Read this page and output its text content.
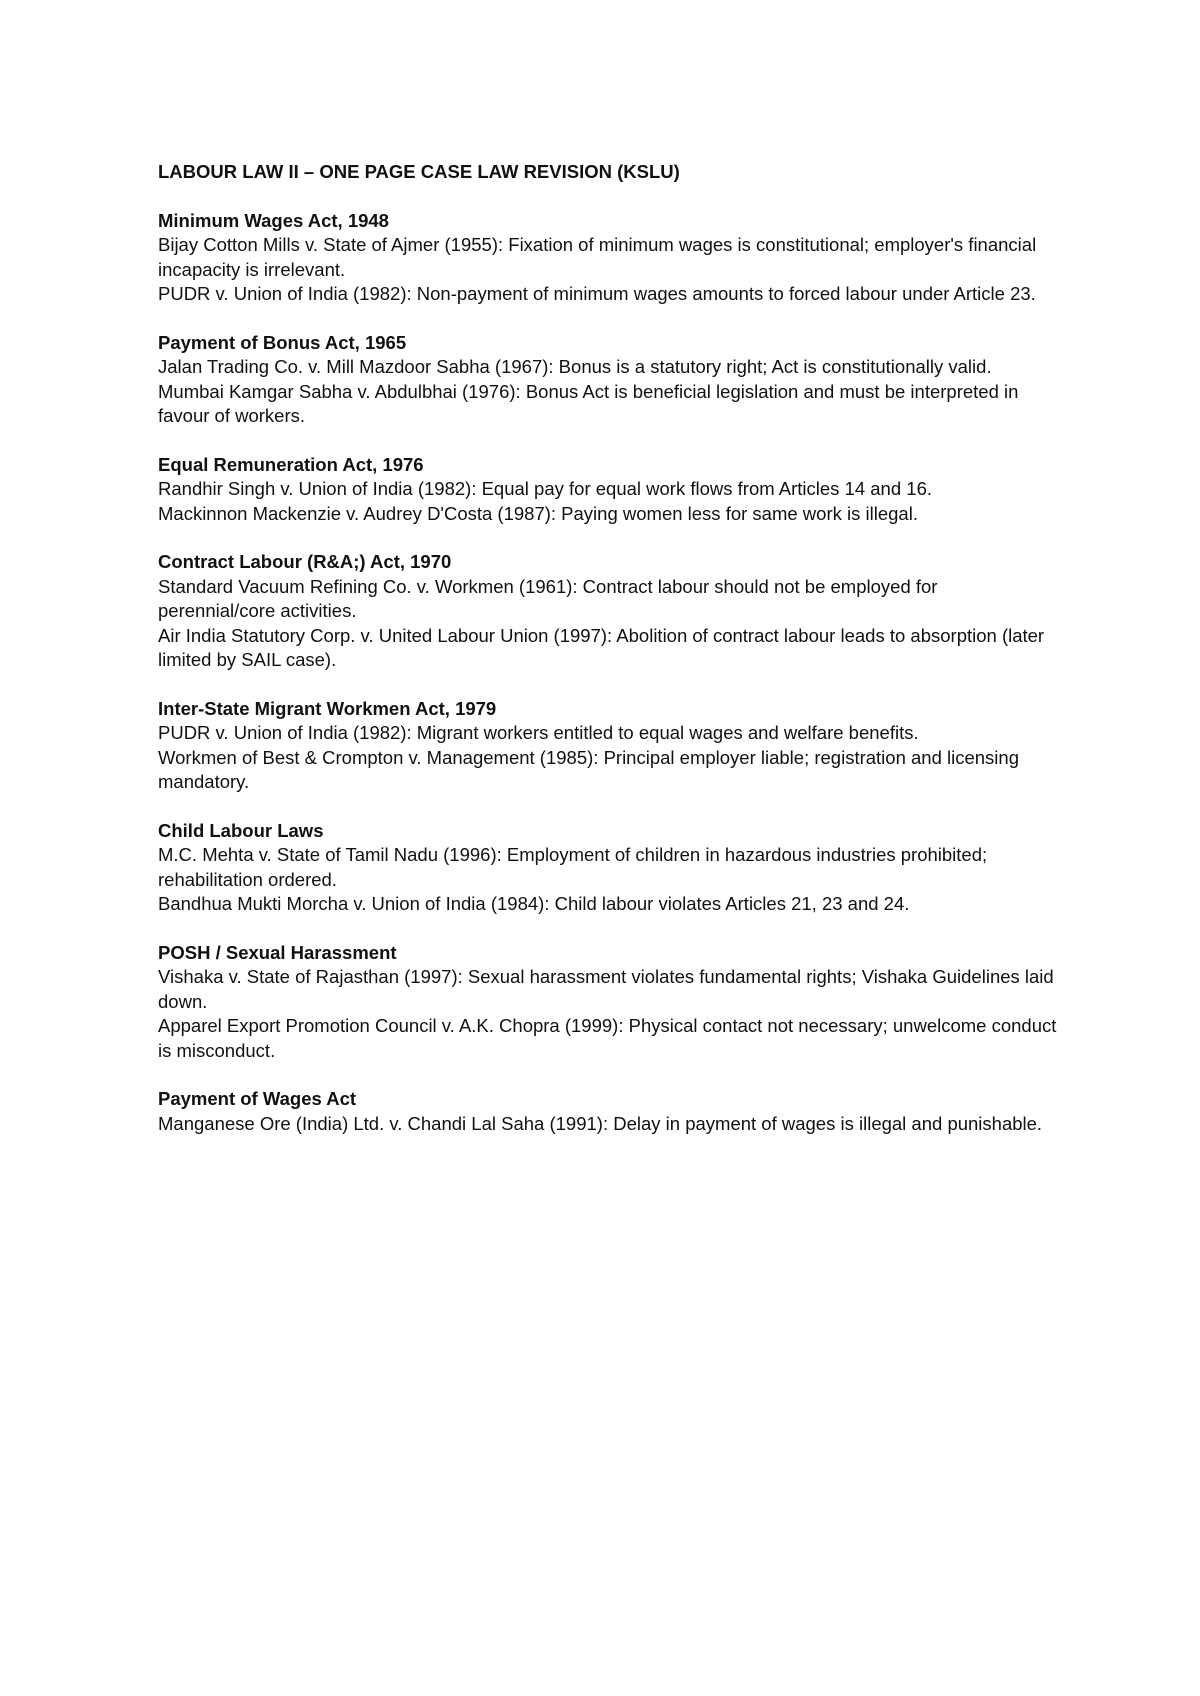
LABOUR LAW II – ONE PAGE CASE LAW REVISION (KSLU)
Minimum Wages Act, 1948
Bijay Cotton Mills v. State of Ajmer (1955): Fixation of minimum wages is constitutional; employer's financial incapacity is irrelevant.
PUDR v. Union of India (1982): Non-payment of minimum wages amounts to forced labour under Article 23.
Payment of Bonus Act, 1965
Jalan Trading Co. v. Mill Mazdoor Sabha (1967): Bonus is a statutory right; Act is constitutionally valid.
Mumbai Kamgar Sabha v. Abdulbhai (1976): Bonus Act is beneficial legislation and must be interpreted in favour of workers.
Equal Remuneration Act, 1976
Randhir Singh v. Union of India (1982): Equal pay for equal work flows from Articles 14 and 16.
Mackinnon Mackenzie v. Audrey D'Costa (1987): Paying women less for same work is illegal.
Contract Labour (R&A;) Act, 1970
Standard Vacuum Refining Co. v. Workmen (1961): Contract labour should not be employed for perennial/core activities.
Air India Statutory Corp. v. United Labour Union (1997): Abolition of contract labour leads to absorption (later limited by SAIL case).
Inter-State Migrant Workmen Act, 1979
PUDR v. Union of India (1982): Migrant workers entitled to equal wages and welfare benefits.
Workmen of Best & Crompton v. Management (1985): Principal employer liable; registration and licensing mandatory.
Child Labour Laws
M.C. Mehta v. State of Tamil Nadu (1996): Employment of children in hazardous industries prohibited; rehabilitation ordered.
Bandhua Mukti Morcha v. Union of India (1984): Child labour violates Articles 21, 23 and 24.
POSH / Sexual Harassment
Vishaka v. State of Rajasthan (1997): Sexual harassment violates fundamental rights; Vishaka Guidelines laid down.
Apparel Export Promotion Council v. A.K. Chopra (1999): Physical contact not necessary; unwelcome conduct is misconduct.
Payment of Wages Act
Manganese Ore (India) Ltd. v. Chandi Lal Saha (1991): Delay in payment of wages is illegal and punishable.
